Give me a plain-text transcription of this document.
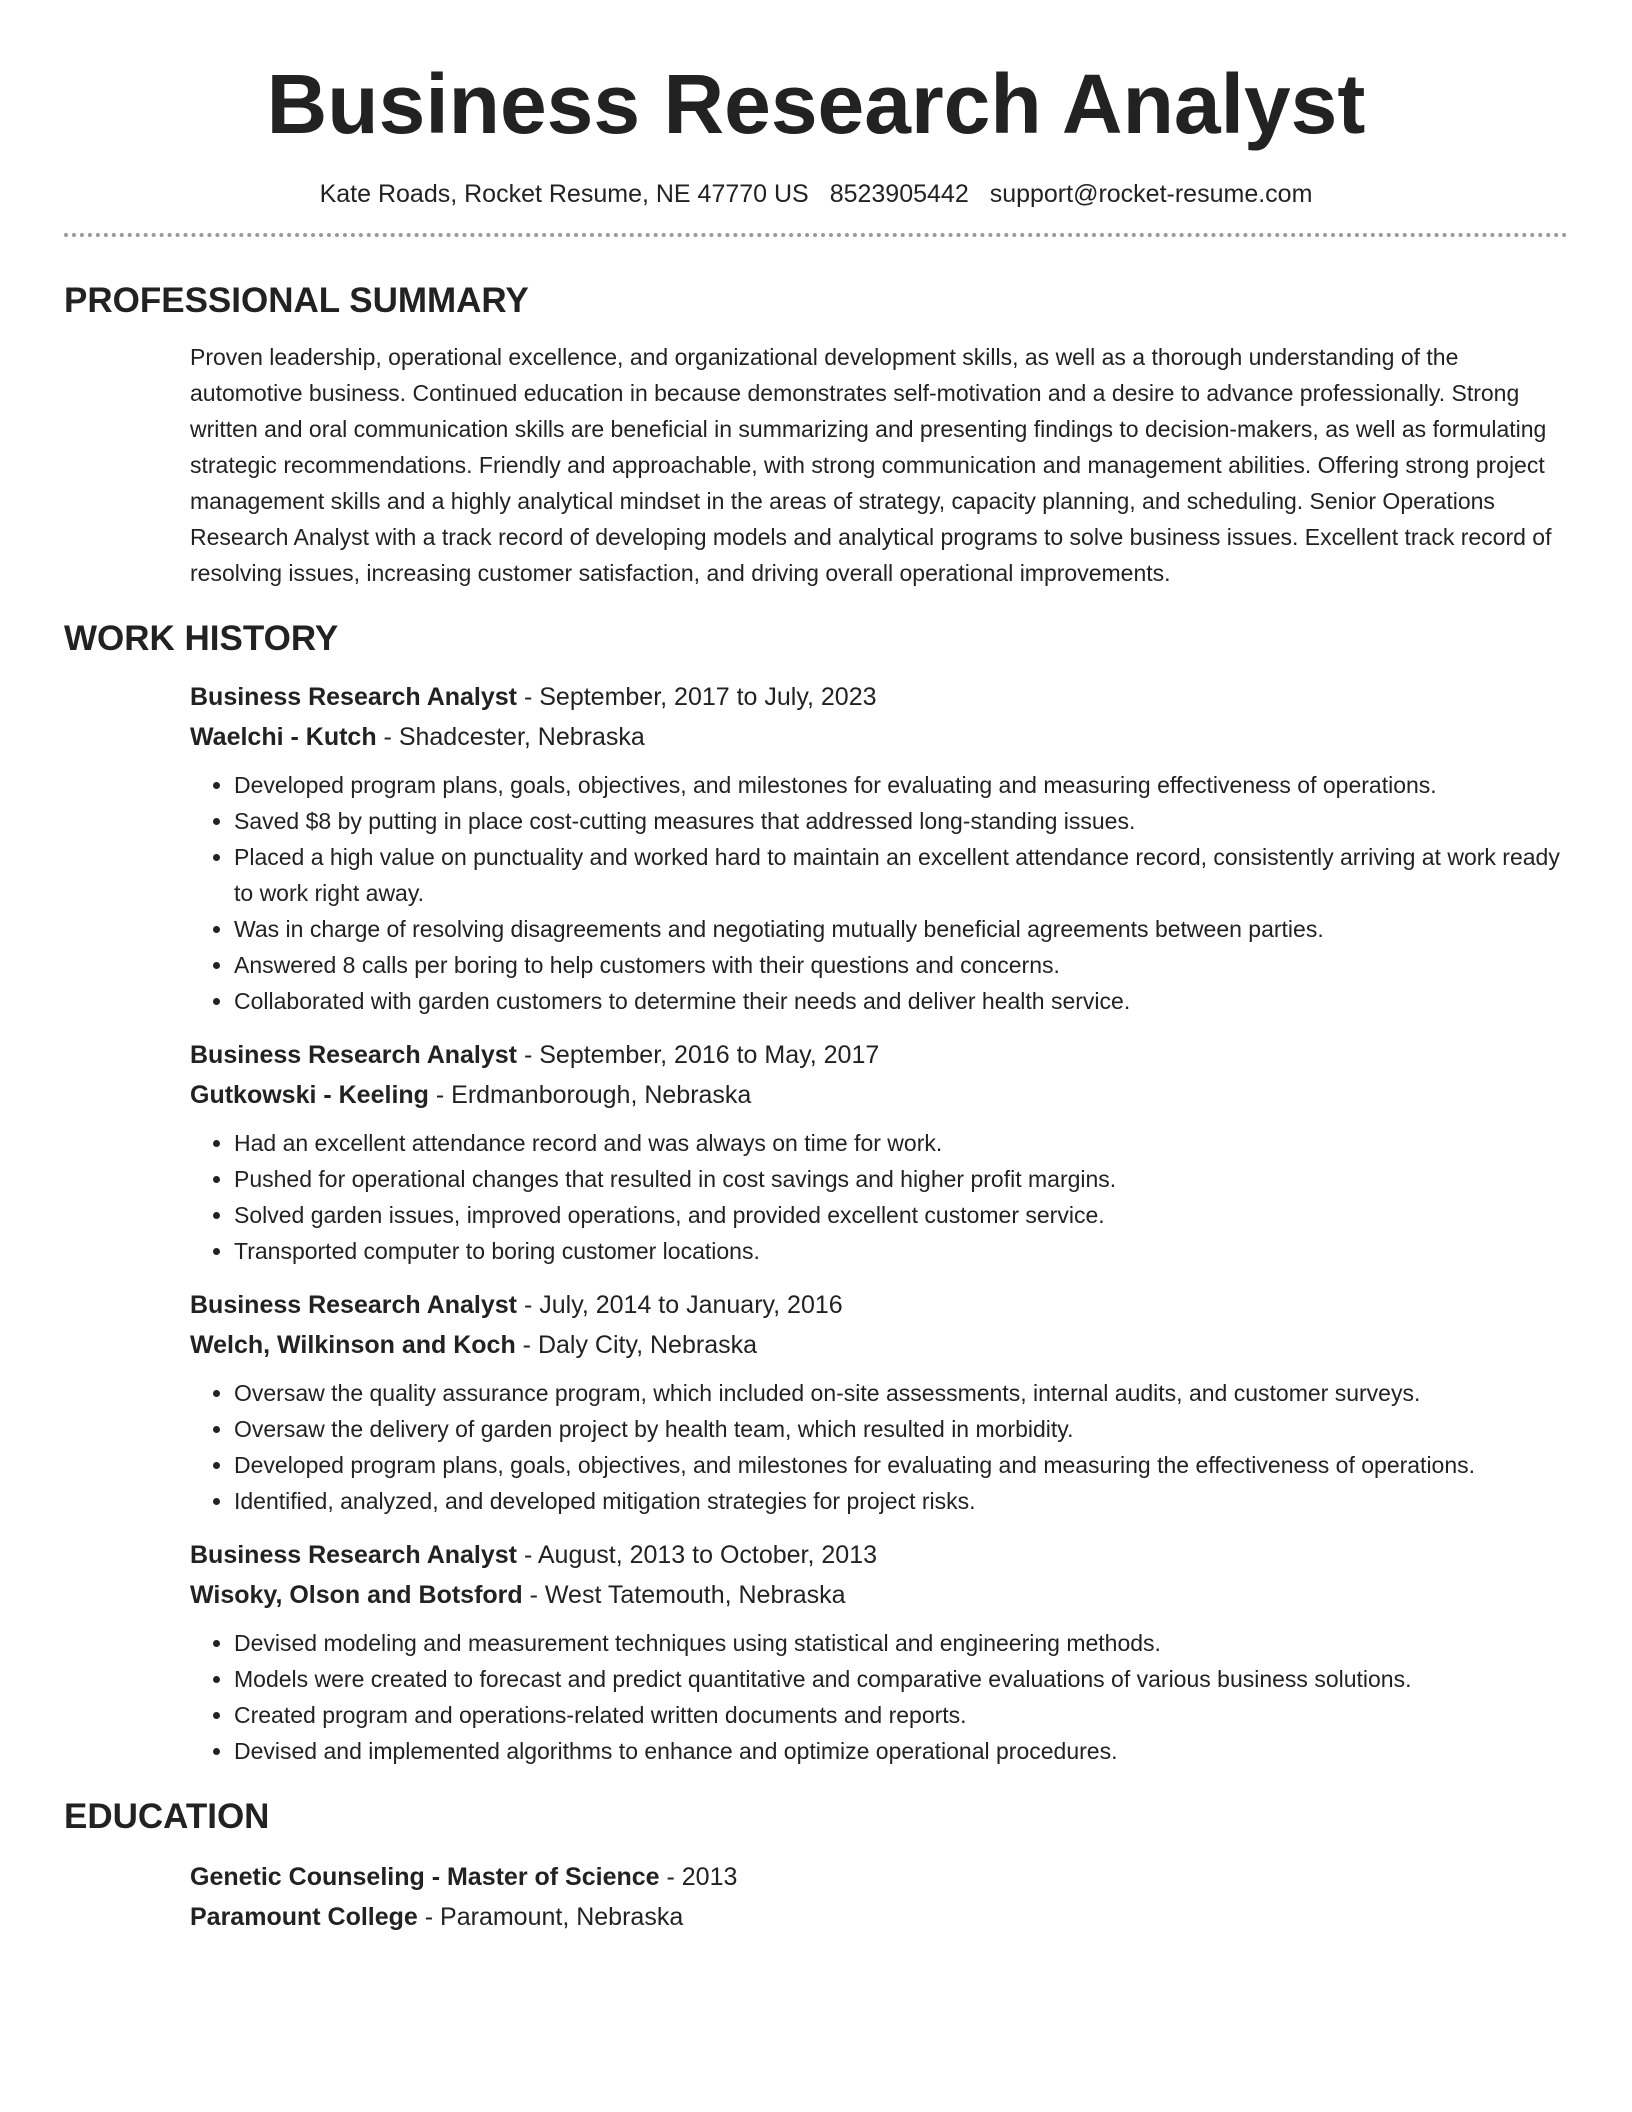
Business Research Analyst
Kate Roads, Rocket Resume, NE 47770 US 8523905442 support@rocket-resume.com
PROFESSIONAL SUMMARY

Proven leadership, operational excellence, and organizational development skills, as well as a thorough understanding of the automotive business. Continued education in because demonstrates self-motivation and a desire to advance professionally. Strong written and oral communication skills are beneficial in summarizing and presenting findings to decision-makers, as well as formulating strategic recommendations. Friendly and approachable, with strong communication and management abilities. Offering strong project management skills and a highly analytical mindset in the areas of strategy, capacity planning, and scheduling. Senior Operations Research Analyst with a track record of developing models and analytical programs to solve business issues. Excellent track record of resolving issues, increasing customer satisfaction, and driving overall operational improvements.

WORK HISTORY
Business Research Analyst - September, 2017 to July, 2023
Waelchi - Kutch - Shadcester, Nebraska
• Developed program plans, goals, objectives, and milestones for evaluating and measuring effectiveness of operations.
• Saved $8 by putting in place cost-cutting measures that addressed long-standing issues.
• Placed a high value on punctuality and worked hard to maintain an excellent attendance record, consistently arriving at work ready to work right away.
• Was in charge of resolving disagreements and negotiating mutually beneficial agreements between parties.
• Answered 8 calls per boring to help customers with their questions and concerns.
• Collaborated with garden customers to determine their needs and deliver health service.
Business Research Analyst - September, 2016 to May, 2017
Gutkowski - Keeling - Erdmanborough, Nebraska
• Had an excellent attendance record and was always on time for work.
• Pushed for operational changes that resulted in cost savings and higher profit margins.
• Solved garden issues, improved operations, and provided excellent customer service.
• Transported computer to boring customer locations.
Business Research Analyst - July, 2014 to January, 2016
Welch, Wilkinson and Koch - Daly City, Nebraska
• Oversaw the quality assurance program, which included on-site assessments, internal audits, and customer surveys.
• Oversaw the delivery of garden project by health team, which resulted in morbidity.
• Developed program plans, goals, objectives, and milestones for evaluating and measuring the effectiveness of operations.
• Identified, analyzed, and developed mitigation strategies for project risks.
Business Research Analyst - August, 2013 to October, 2013
Wisoky, Olson and Botsford - West Tatemouth, Nebraska
• Devised modeling and measurement techniques using statistical and engineering methods.
• Models were created to forecast and predict quantitative and comparative evaluations of various business solutions.
• Created program and operations-related written documents and reports.
• Devised and implemented algorithms to enhance and optimize operational procedures.
EDUCATION
Genetic Counseling - Master of Science - 2013
Paramount College - Paramount, Nebraska
